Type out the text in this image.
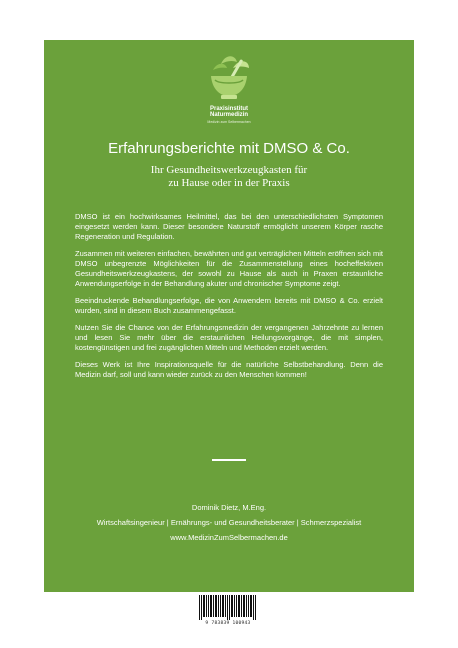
Praxisinstitut
Naturmedizin
Medizin zum Selbermachen
Erfahrungsberichte mit DMSO & Co.
Ihr Gesundheitswerkzeugkasten für
zu Hause oder in der Praxis

DMSO ist ein hochwirksames Heilmittel, das bei den unterschiedlichsten Symptomen eingesetzt werden kann. Dieser besondere Naturstoff ermöglicht unserem Körper rasche Regeneration und Regulation.

Zusammen mit weiteren einfachen, bewährten und gut verträglichen Mitteln eröffnen sich mit DMSO unbegrenzte Möglichkeiten für die Zusammenstellung eines hocheffektiven Gesundheitswerkzeugkastens, der sowohl zu Hause als auch in Praxen erstaunliche Anwendungserfolge in der Behandlung akuter und chronischer Symptome zeigt.

Beeindruckende Behandlungserfolge, die von Anwendern bereits mit DMSO & Co. erzielt wurden, sind in diesem Buch zusammengefasst.

Nutzen Sie die Chance von der Erfahrungsmedizin der vergangenen Jahrzehnte zu lernen und lesen Sie mehr über die erstaunlichen Heilungsvorgänge, die mit simplen, kostengünstigen und frei zugänglichen Mitteln und Methoden erzielt werden.

Dieses Werk ist Ihre Inspirationsquelle für die natürliche Selbstbehandlung. Denn die Medizin darf, soll und kann wieder zurück zu den Menschen kommen!

Dominik Dietz, M.Eng.
Wirtschaftsingenieur | Ernährungs- und Gesundheitsberater | Schmerzspezialist
www.MedizinZumSelbermachen.de
9 783839 100943
